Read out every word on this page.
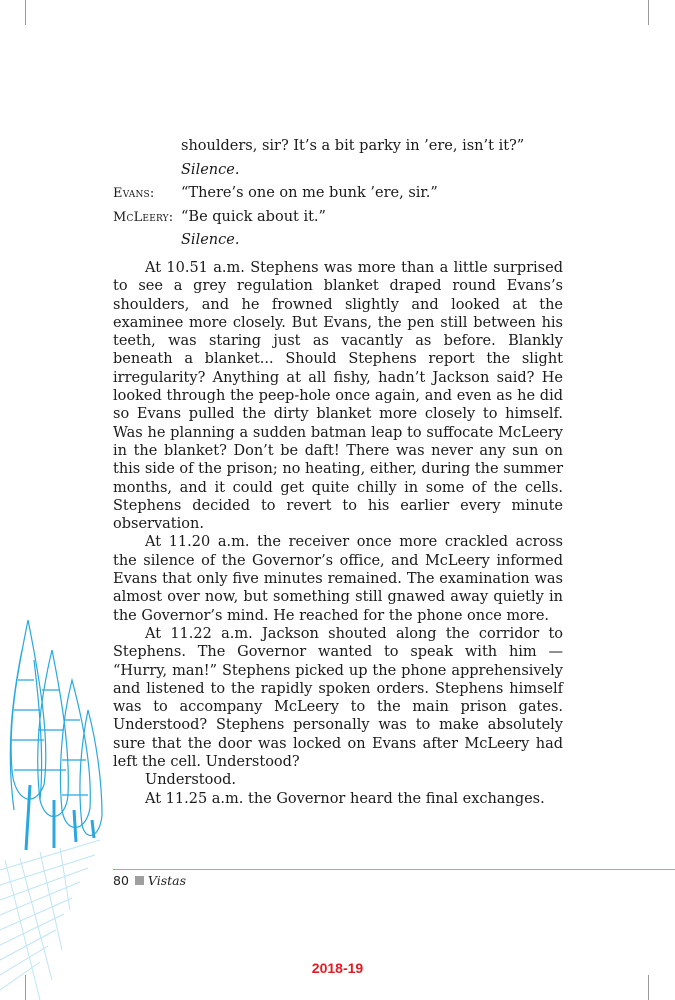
shoulders, sir? It’s a bit parky in ’ere, isn’t it?”
Silence.
Evans:	“There’s one on me bunk ’ere, sir.”
McLeery: “Be quick about it.”
Silence.

At 10.51 a.m. Stephens was more than a little surprised to see a grey regulation blanket draped round Evans’s shoulders, and he frowned slightly and looked at the examinee more closely. But Evans, the pen still between his teeth, was staring just as vacantly as before. Blankly beneath a blanket... Should Stephens report the slight irregularity? Anything at all fishy, hadn’t Jackson said? He looked through the peep-hole once again, and even as he did so Evans pulled the dirty blanket more closely to himself. Was he planning a sudden batman leap to suffocate McLeery in the blanket? Don’t be daft! There was never any sun on this side of the prison; no heating, either, during the summer months, and it could get quite chilly in some of the cells. Stephens decided to revert to his earlier every minute observation.

At 11.20 a.m. the receiver once more crackled across the silence of the Governor’s office, and McLeery informed Evans that only five minutes remained. The examination was almost over now, but something still gnawed away quietly in the Governor’s mind. He reached for the phone once more.

At 11.22 a.m. Jackson shouted along the corridor to Stephens. The Governor wanted to speak with him — “Hurry, man!” Stephens picked up the phone apprehensively and listened to the rapidly spoken orders. Stephens himself was to accompany McLeery to the main prison gates. Understood? Stephens personally was to make absolutely sure that the door was locked on Evans after McLeery had left the cell. Understood?

Understood.

At 11.25 a.m. the Governor heard the final exchanges.

80 Vistas
2018-19
